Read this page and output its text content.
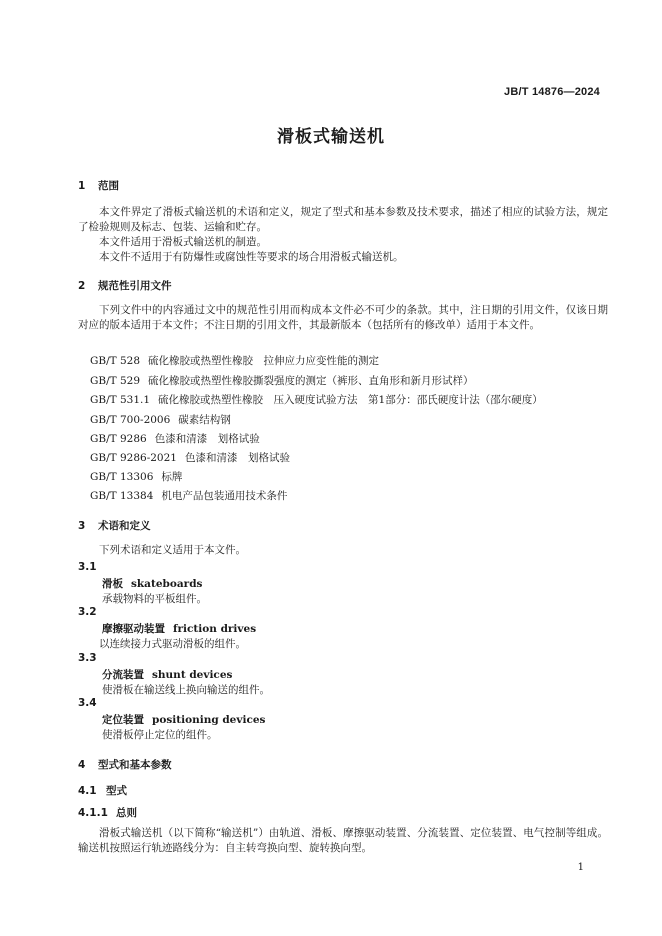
JB/T 14876—2024
滑板式输送机
1 范围

本文件界定了滑板式输送机的术语和定义，规定了型式和基本参数及技术要求，描述了相应的试验方法，规定了检验规则及标志、包装、运输和贮存。

本文件适用于滑板式输送机的制造。

本文件不适用于有防爆性或腐蚀性等要求的场合用滑板式输送机。

2 规范性引用文件

下列文件中的内容通过文中的规范性引用而构成本文件必不可少的条款。其中，注日期的引用文件，仅该日期对应的版本适用于本文件；不注日期的引用文件，其最新版本（包括所有的修改单）适用于本文件。

GB/T 528 硫化橡胶或热塑性橡胶　拉伸应力应变性能的测定
GB/T 529 硫化橡胶或热塑性橡胶撕裂强度的测定（裤形、直角形和新月形试样）
GB/T 531.1 硫化橡胶或热塑性橡胶　压入硬度试验方法　第1部分：邵氏硬度计法（邵尔硬度）
GB/T 700-2006 碳素结构钢
GB/T 9286 色漆和清漆　划格试验
GB/T 9286-2021 色漆和清漆　划格试验
GB/T 13306 标牌
GB/T 13384 机电产品包装通用技术条件
3 术语和定义

下列术语和定义适用于本文件。

3.1
滑板 skateboards
承载物料的平板组件。
3.2
摩擦驱动装置 friction drives
以连续接力式驱动滑板的组件。
3.3
分流装置 shunt devices
使滑板在输送线上换向输送的组件。
3.4
定位装置 positioning devices
使滑板停止定位的组件。
4 型式和基本参数
4.1 型式
4.1.1 总则

滑板式输送机（以下简称“输送机”）由轨道、滑板、摩擦驱动装置、分流装置、定位装置、电气控制等组成。输送机按照运行轨迹路线分为：自主转弯换向型、旋转换向型。

1
